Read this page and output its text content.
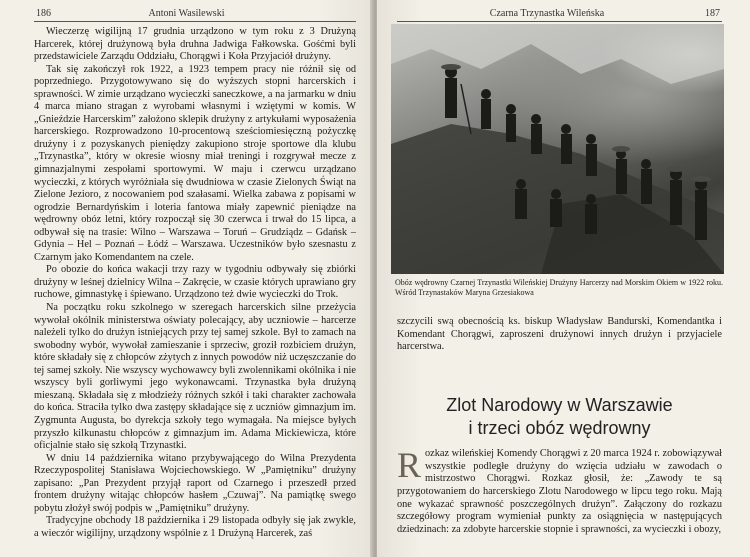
186	Antoni Wasilewski

Wieczerzę wigilijną 17 grudnia urządzono w tym roku z 3 Drużyną Harcerek, której drużynową była druhna Jadwiga Fałkowska. Gośćmi byli przedstawiciele Zarządu Oddziału, Chorągwi i Koła Przyjaciół drużyny.

Tak się zakończył rok 1922, a 1923 tempem pracy nie różnił się od poprzedniego. Przygotowywano się do wyższych stopni harcerskich i sprawności. W zimie urządzano wycieczki saneczkowe, a na jarmarku w dniu 4 marca miano stragan z wyrobami własnymi i wziętymi w komis. W „Gnieździe Harcerskim” założono sklepik drużyny z artykułami wyposażenia harcerskiego. Rozprowadzono 10-procentową sześciomiesięczną pożyczkę drużyny i z pozyskanych pieniędzy zakupiono stroje sportowe dla klubu „Trzynastka”, który w okresie wiosny miał treningi i rozgrywał mecze z gimnazjalnymi zespołami sportowymi. W maju i czerwcu urządzano wycieczki, z których wyróżniała się dwudniowa w czasie Zielonych Świąt na Zielone Jezioro, z nocowaniem pod szałasami. Wielka zabawa z popisami w ogrodzie Bernardyńskim i loteria fantowa miały zapewnić pieniądze na wędrowny obóz letni, który rozpoczął się 30 czerwca i trwał do 15 lipca, a odbywał się na trasie: Wilno – Warszawa – Toruń – Grudziądz – Gdańsk – Gdynia – Hel – Poznań – Łódź – Warszawa. Uczestników było szesnastu z Czarnym jako Komendantem na czele.

Po obozie do końca wakacji trzy razy w tygodniu odbywały się zbiórki drużyny w leśnej dzielnicy Wilna – Zakręcie, w czasie których uprawiano gry ruchowe, gimnastykę i śpiewano. Urządzono też dwie wycieczki do Trok.

Na początku roku szkolnego w szeregach harcerskich silne przeżycia wywołał okólnik ministerstwa oświaty polecający, aby uczniowie – harcerze należeli tylko do drużyn istniejących przy tej samej szkole. Był to zamach na swobodny wybór, wywołał zamieszanie i sprzeciw, groził rozbiciem drużyn, które składały się z chłopców zżytych z innych powodów niż uczęszczanie do tej samej szkoły. Nie wszyscy wychowawcy byli zwolennikami okólnika i nie wszyscy byli gorliwymi jego wykonawcami. Trzynastka była drużyną mieszaną. Składała się z młodzieży różnych szkół i taki charakter zachowała do końca. Straciła tylko dwa zastępy składające się z uczniów gimnazjum im. Zygmunta Augusta, bo dyrekcja szkoły tego wymagała. Na miejsce byłych przyszło kilkunastu chłopców z gimnazjum im. Adama Mickiewicza, które oficjalnie stało się szkołą Trzynastki.

W dniu 14 października witano przybywającego do Wilna Prezydenta Rzeczypospolitej Stanisława Wojciechowskiego. W „Pamiętniku” drużyny zapisano: „Pan Prezydent przyjął raport od Czarnego i przeszedł przed frontem drużyny witając chłopców hasłem „Czuwaj”. Na pamiątkę swego pobytu złożył swój podpis w „Pamiętniku” drużyny.

Tradycyjne obchody 18 października i 29 listopada odbyły się jak zwykle, a wieczór wigilijny, urządzony wspólnie z 1 Drużyną Harcerek, zaś

Czarna Trzynastka Wileńska	187
Obóz wędrowny Czarnej Trzynastki Wileńskiej Drużyny Harcerzy nad Morskim Okiem w 1922 roku. Wśród Trzynastaków Maryna Grzesiakowa

szczycili swą obecnością ks. biskup Władysław Bandurski, Komendantka i Komendant Chorągwi, zaproszeni drużynowi innych drużyn i przyjaciele harcerstwa.

Zlot Narodowy w Warszawie
i trzeci obóz wędrowny
Rozkaz wileńskiej Komendy Chorągwi z 20 marca 1924 r. zobowiązywał wszystkie podległe drużyny do wzięcia udziału w zawodach o mistrzostwo Chorągwi. Rozkaz głosił, że: „Zawody te są przygotowaniem do harcerskiego Zlotu Narodowego w lipcu tego roku. Mają one wykazać sprawność poszczególnych drużyn”. Załączony do rozkazu szczegółowy program wymieniał punkty za osiągnięcia w następujących dziedzinach: za zdobyte harcerskie stopnie i sprawności, za wycieczki i obozy,
